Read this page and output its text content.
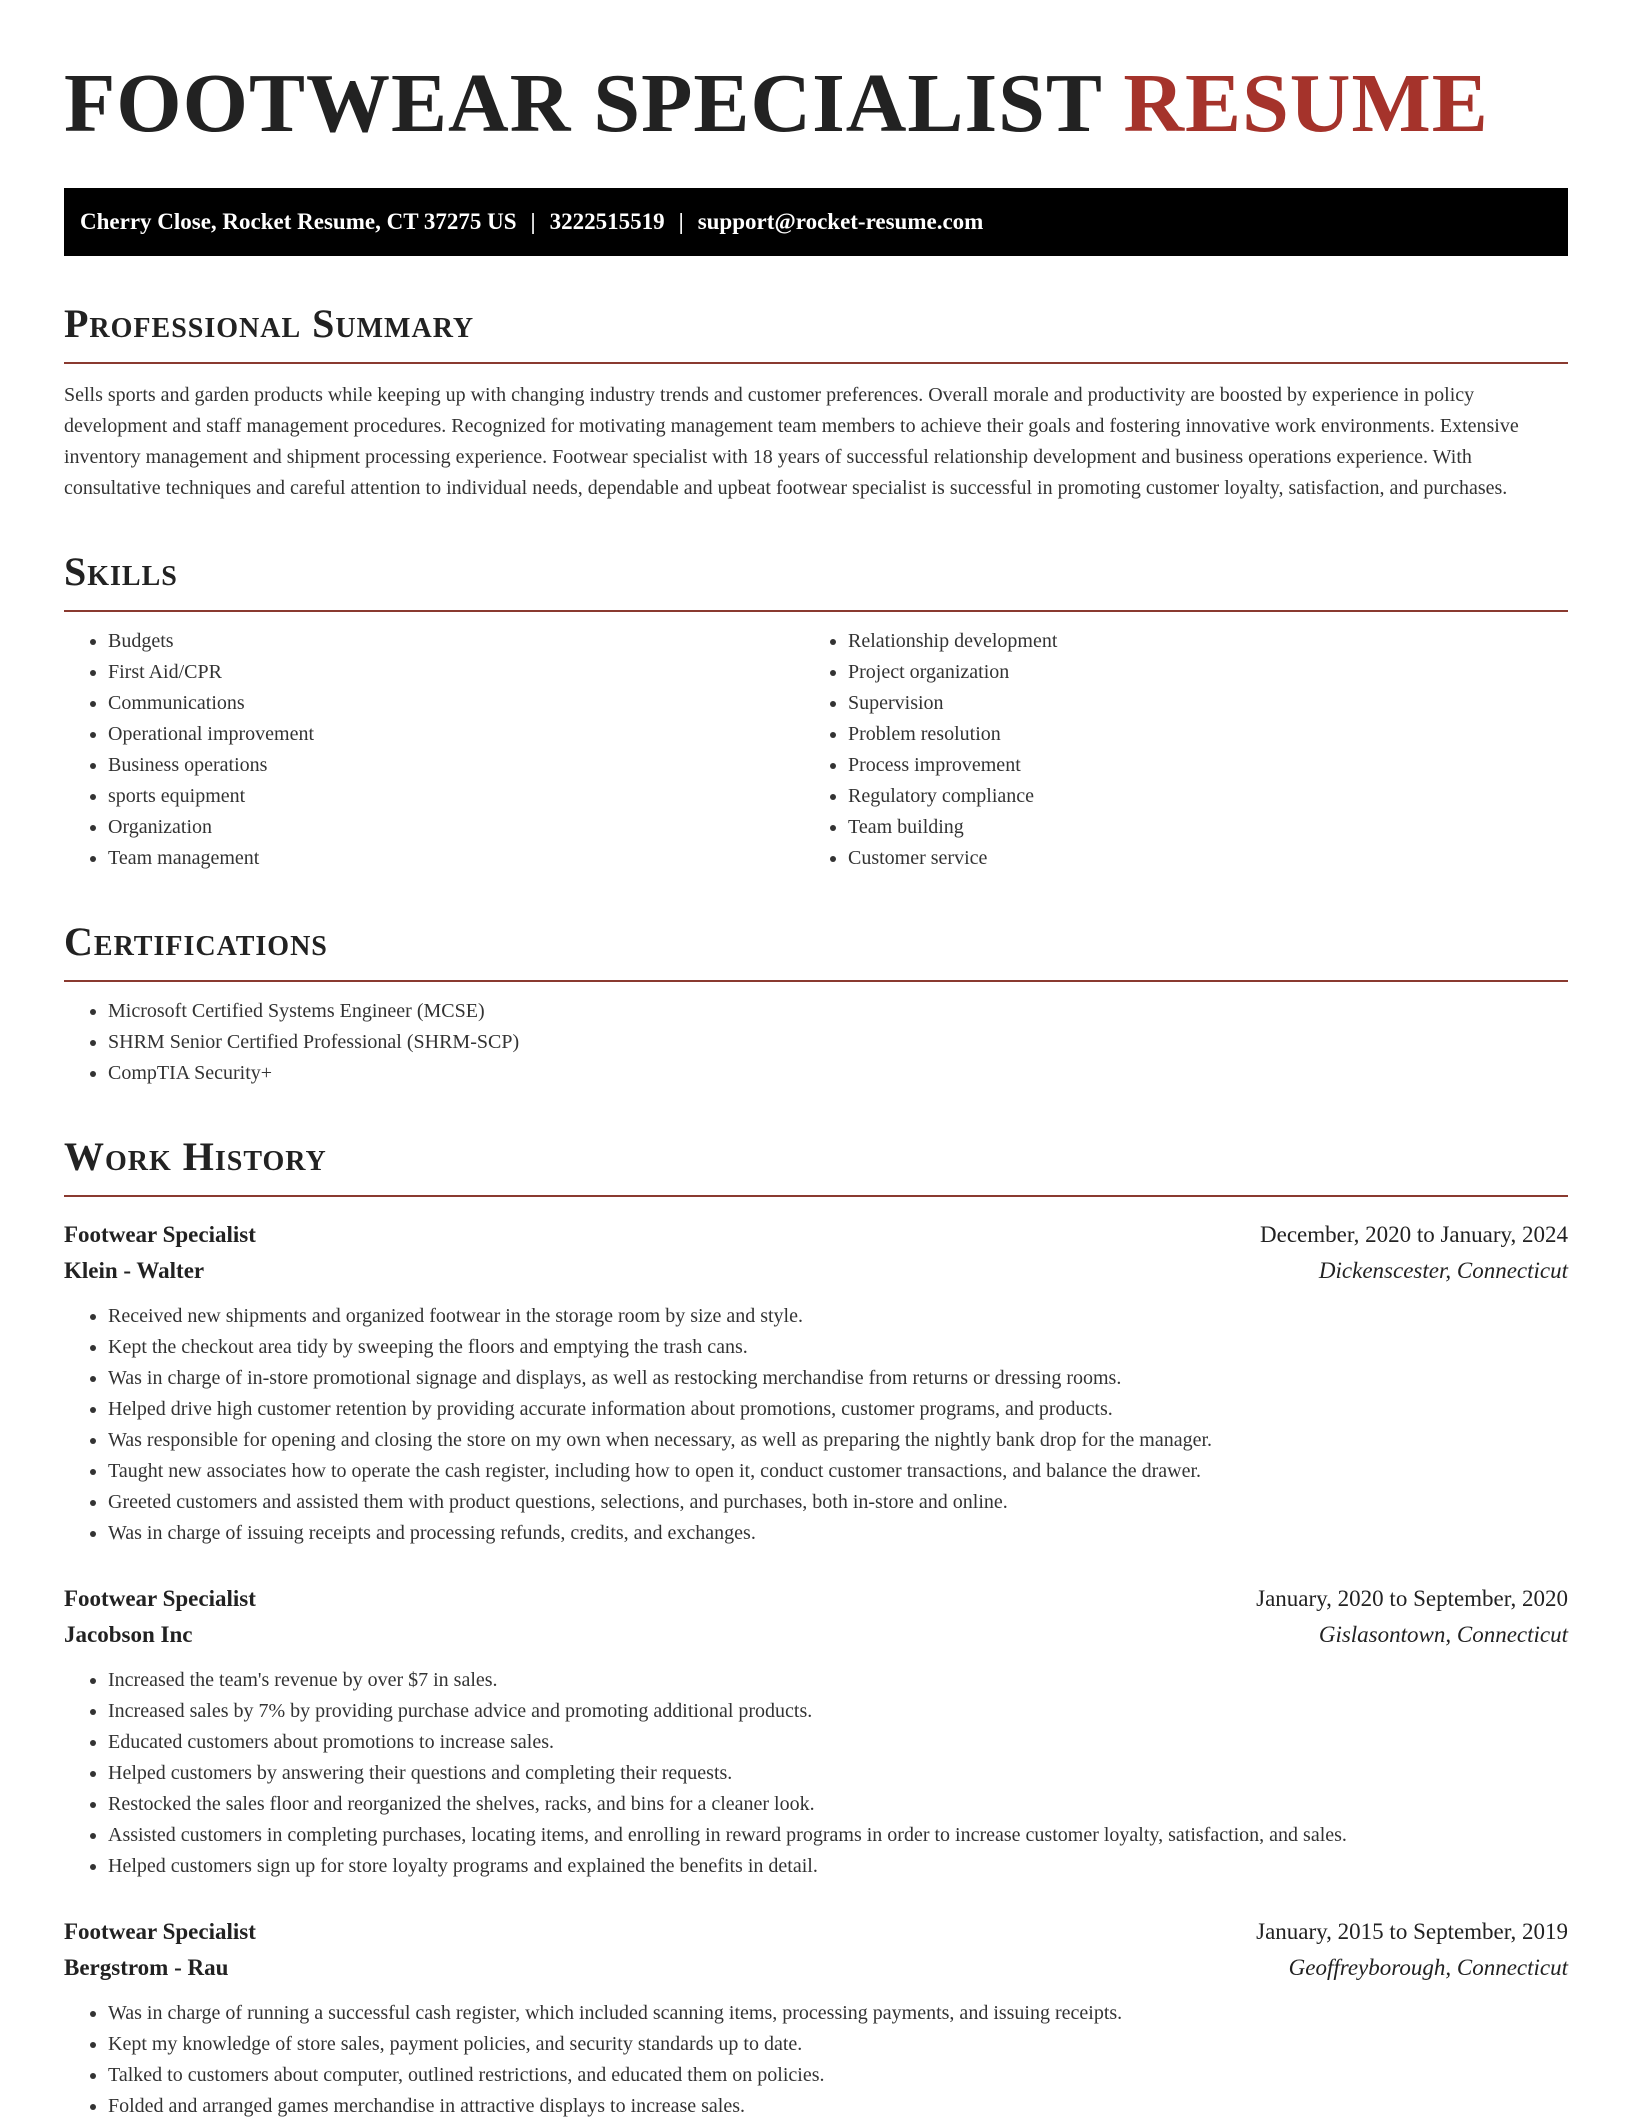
FOOTWEAR SPECIALIST RESUME
Cherry Close, Rocket Resume, CT 37275 US | 3222515519 | support@rocket-resume.com
Professional Summary

Sells sports and garden products while keeping up with changing industry trends and customer preferences. Overall morale and productivity are boosted by experience in policy development and staff management procedures. Recognized for motivating management team members to achieve their goals and fostering innovative work environments. Extensive inventory management and shipment processing experience. Footwear specialist with 18 years of successful relationship development and business operations experience. With consultative techniques and careful attention to individual needs, dependable and upbeat footwear specialist is successful in promoting customer loyalty, satisfaction, and purchases.

Skills
• Budgets
• First Aid/CPR
• Communications
• Operational improvement
• Business operations
• sports equipment
• Organization
• Team management
• Relationship development
• Project organization
• Supervision
• Problem resolution
• Process improvement
• Regulatory compliance
• Team building
• Customer service
Certifications
• Microsoft Certified Systems Engineer (MCSE)
• SHRM Senior Certified Professional (SHRM-SCP)
• CompTIA Security+
Work History
Footwear Specialist	December, 2020 to January, 2024
Klein - Walter	Dickenscester, Connecticut
• Received new shipments and organized footwear in the storage room by size and style.
• Kept the checkout area tidy by sweeping the floors and emptying the trash cans.
• Was in charge of in-store promotional signage and displays, as well as restocking merchandise from returns or dressing rooms.
• Helped drive high customer retention by providing accurate information about promotions, customer programs, and products.
• Was responsible for opening and closing the store on my own when necessary, as well as preparing the nightly bank drop for the manager.
• Taught new associates how to operate the cash register, including how to open it, conduct customer transactions, and balance the drawer.
• Greeted customers and assisted them with product questions, selections, and purchases, both in-store and online.
• Was in charge of issuing receipts and processing refunds, credits, and exchanges.
Footwear Specialist	January, 2020 to September, 2020
Jacobson Inc	Gislasontown, Connecticut
• Increased the team's revenue by over $7 in sales.
• Increased sales by 7% by providing purchase advice and promoting additional products.
• Educated customers about promotions to increase sales.
• Helped customers by answering their questions and completing their requests.
• Restocked the sales floor and reorganized the shelves, racks, and bins for a cleaner look.
• Assisted customers in completing purchases, locating items, and enrolling in reward programs in order to increase customer loyalty, satisfaction, and sales.
• Helped customers sign up for store loyalty programs and explained the benefits in detail.
Footwear Specialist	January, 2015 to September, 2019
Bergstrom - Rau	Geoffreyborough, Connecticut
• Was in charge of running a successful cash register, which included scanning items, processing payments, and issuing receipts.
• Kept my knowledge of store sales, payment policies, and security standards up to date.
• Talked to customers about computer, outlined restrictions, and educated them on policies.
• Folded and arranged games merchandise in attractive displays to increase sales.
